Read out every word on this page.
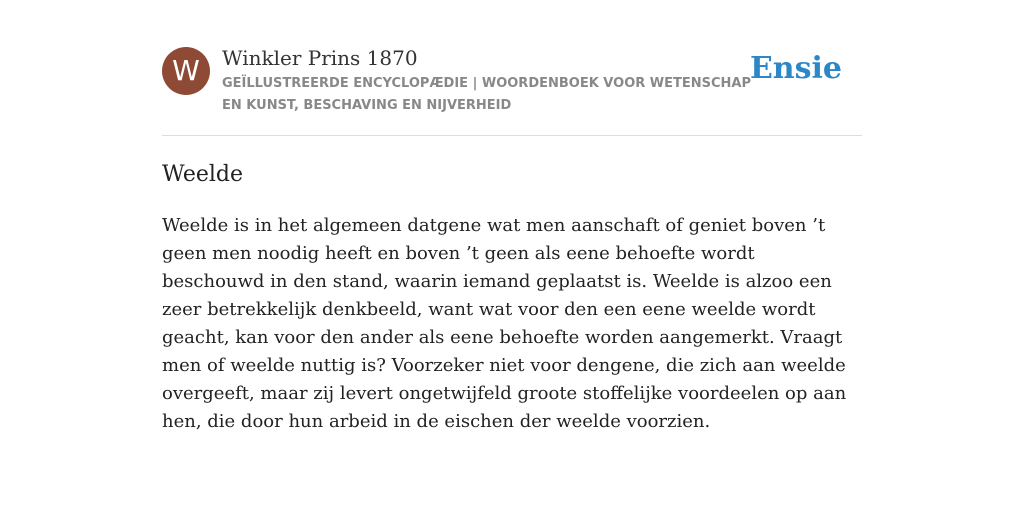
W	Winkler Prins 1870
GEÏLLUSTREERDE ENCYCLOPÆDIE | WOORDENBOEK VOOR WETENSCHAP EN KUNST, BESCHAVING EN NIJVERHEID
Ensie
Weelde

Weelde is in het algemeen datgene wat men aanschaft of geniet boven ’t geen men noodig heeft en boven ’t geen als eene behoefte wordt beschouwd in den stand, waarin iemand geplaatst is. Weelde is alzoo een zeer betrekkelijk denkbeeld, want wat voor den een eene weelde wordt geacht, kan voor den ander als eene behoefte worden aangemerkt. Vraagt men of weelde nuttig is? Voorzeker niet voor dengene, die zich aan weelde overgeeft, maar zij levert ongetwijfeld groote stoffelijke voordeelen op aan hen, die door hun arbeid in de eischen der weelde voorzien.
